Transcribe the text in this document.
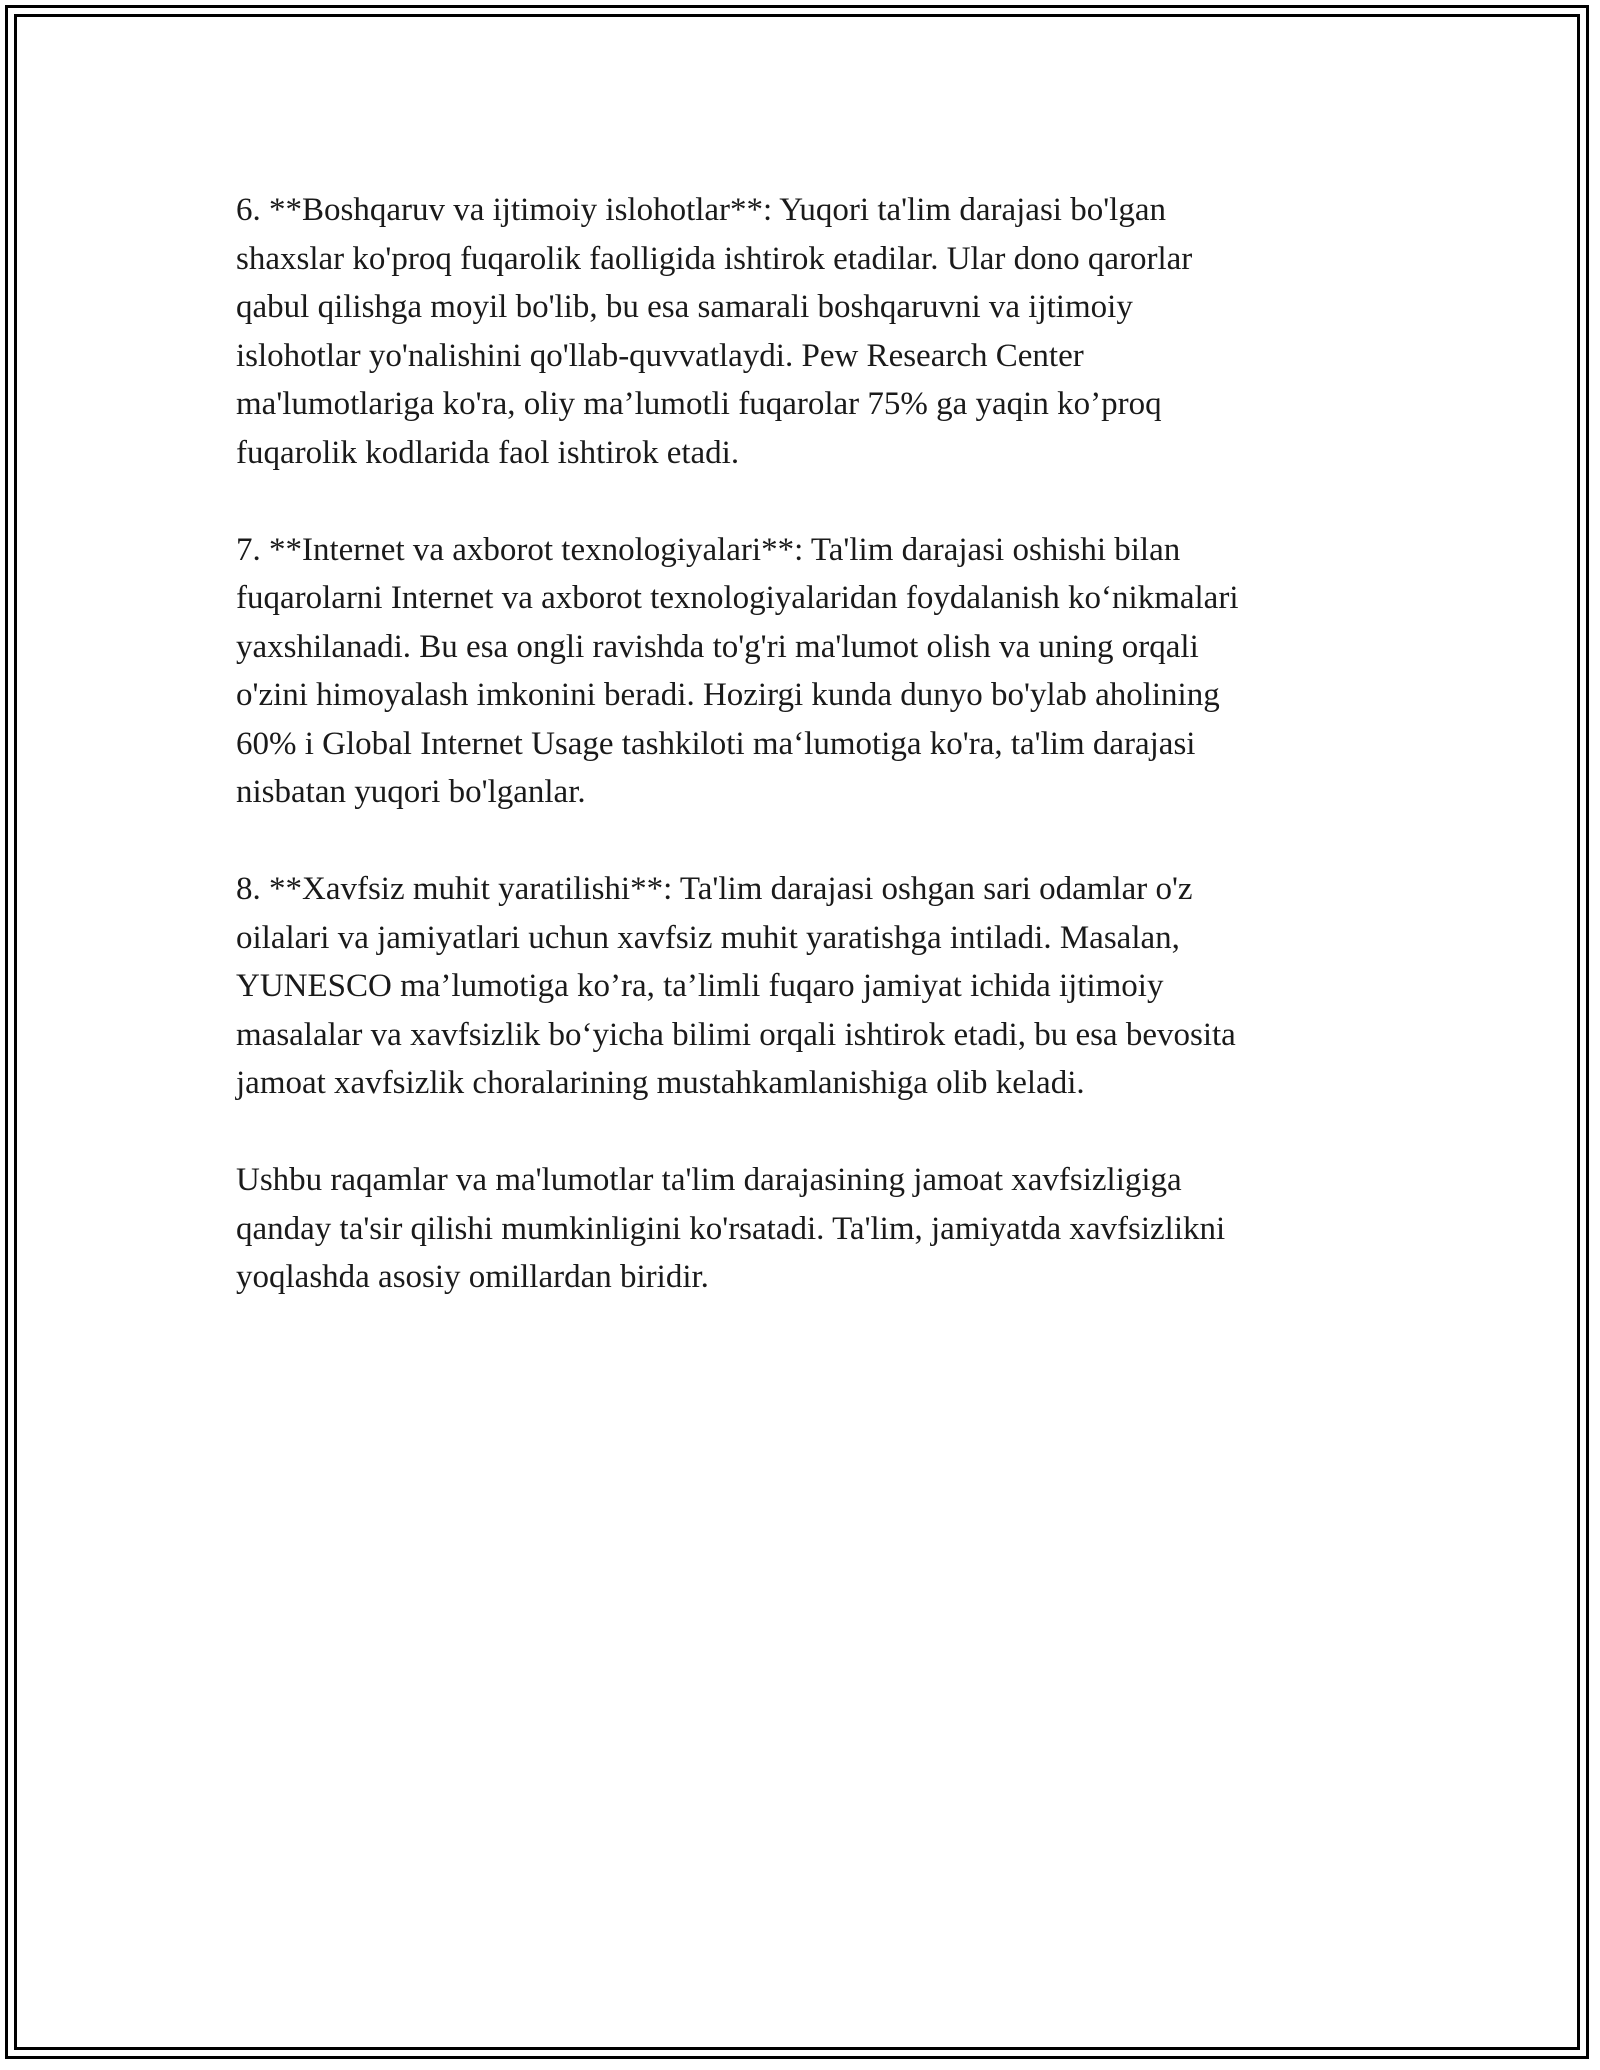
6. **Boshqaruv va ijtimoiy islohotlar**: Yuqori ta'lim darajasi bo'lgan
shaxslar ko'proq fuqarolik faolligida ishtirok etadilar. Ular dono qarorlar
qabul qilishga moyil bo'lib, bu esa samarali boshqaruvni va ijtimoiy
islohotlar yo'nalishini qo'llab-quvvatlaydi. Pew Research Center
ma'lumotlariga ko'ra, oliy ma’lumotli fuqarolar 75% ga yaqin ko’proq
fuqarolik kodlarida faol ishtirok etadi.

7. **Internet va axborot texnologiyalari**: Ta'lim darajasi oshishi bilan
fuqarolarni Internet va axborot texnologiyalaridan foydalanish ko‘nikmalari
yaxshilanadi. Bu esa ongli ravishda to'g'ri ma'lumot olish va uning orqali
o'zini himoyalash imkonini beradi. Hozirgi kunda dunyo bo'ylab aholining
60% i Global Internet Usage tashkiloti ma‘lumotiga ko'ra, ta'lim darajasi
nisbatan yuqori bo'lganlar.

8. **Xavfsiz muhit yaratilishi**: Ta'lim darajasi oshgan sari odamlar o'z
oilalari va jamiyatlari uchun xavfsiz muhit yaratishga intiladi. Masalan,
YUNESCO ma’lumotiga ko’ra, ta’limli fuqaro jamiyat ichida ijtimoiy
masalalar va xavfsizlik bo‘yicha bilimi orqali ishtirok etadi, bu esa bevosita
jamoat xavfsizlik choralarining mustahkamlanishiga olib keladi.

Ushbu raqamlar va ma'lumotlar ta'lim darajasining jamoat xavfsizligiga
qanday ta'sir qilishi mumkinligini ko'rsatadi. Ta'lim, jamiyatda xavfsizlikni
yoqlashda asosiy omillardan biridir.
